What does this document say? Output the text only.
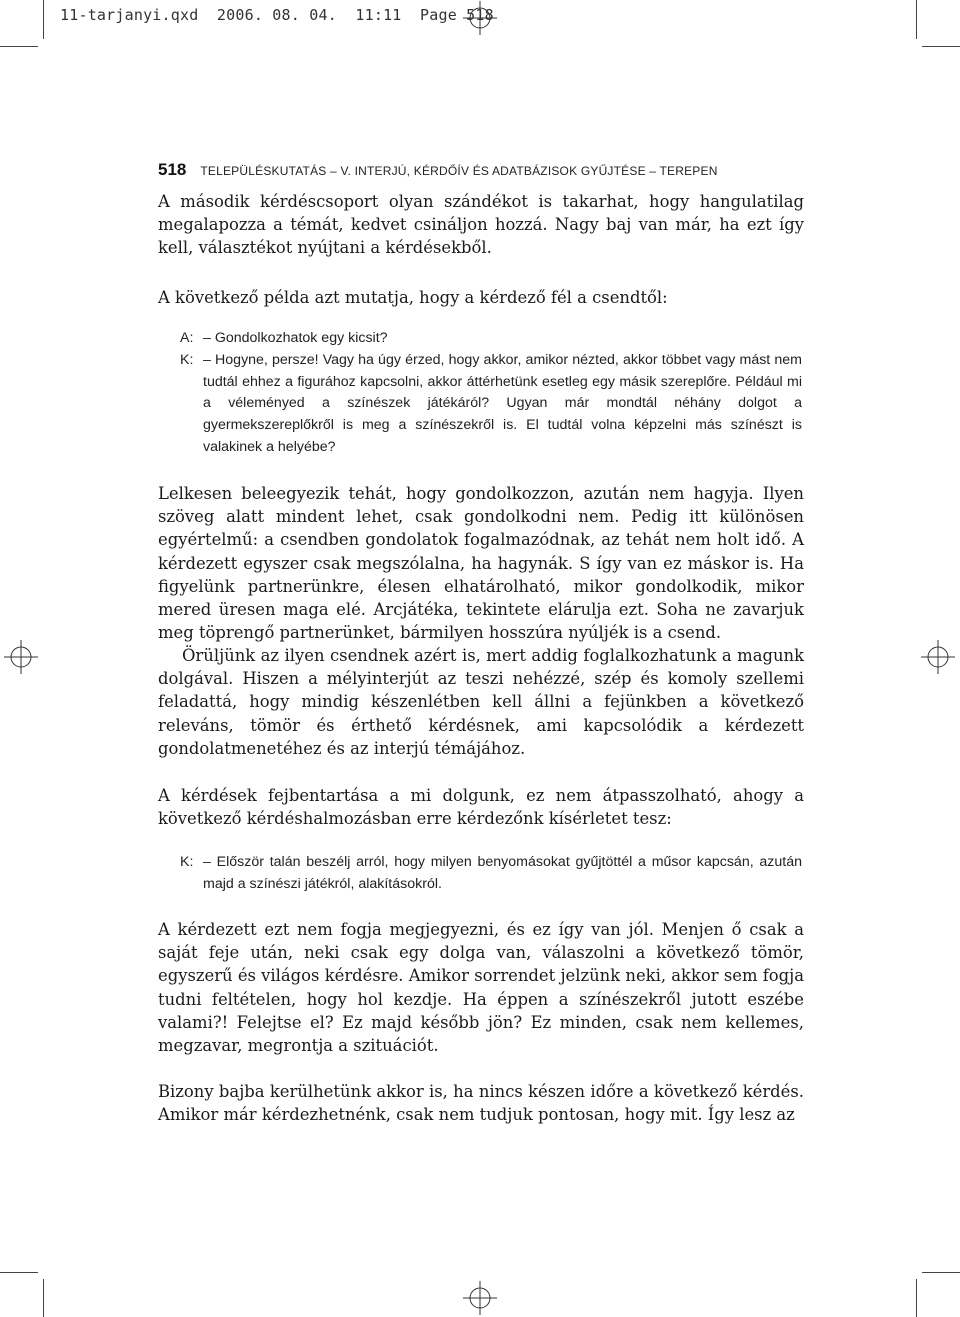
11-tarjanyi.qxd  2006. 08. 04.  11:11  Page 518
518 TELEPÜLÉSKUTATÁS – V. INTERJÚ, KÉRDŐÍV ÉS ADATBÁZISOK GYŰJTÉSE – TEREPEN

A második kérdéscsoport olyan szándékot is takarhat, hogy hangulatilag megalapozza a témát, kedvet csináljon hozzá. Nagy baj van már, ha ezt így kell, választékot nyújtani a kérdésekből.

A következő példa azt mutatja, hogy a kérdező fél a csendtől:

A: – Gondolkozhatok egy kicsit?

K: – Hogyne, persze! Vagy ha úgy érzed, hogy akkor, amikor nézted, akkor többet vagy mást nem tudtál ehhez a figurához kapcsolni, akkor áttérhetünk esetleg egy másik szereplőre. Például mi a véleményed a színészek játékáról? Ugyan már mondtál néhány dolgot a gyermekszereplőkről is meg a színészekről is. El tudtál volna képzelni más színészt is valakinek a helyébe?

Lelkesen beleegyezik tehát, hogy gondolkozzon, azután nem hagyja. Ilyen szöveg alatt mindent lehet, csak gondolkodni nem. Pedig itt különösen egyértelmű: a csendben gondolatok fogalmazódnak, az tehát nem holt idő. A kérdezett egyszer csak megszólalna, ha hagynák. S így van ez máskor is. Ha figyelünk partnerünkre, élesen elhatárolható, mikor gondolkodik, mikor mered üresen maga elé. Arcjátéka, tekintete elárulja ezt. Soha ne zavarjuk meg töprengő partnerünket, bármilyen hosszúra nyúljék is a csend.

Örüljünk az ilyen csendnek azért is, mert addig foglalkozhatunk a magunk dolgával. Hiszen a mélyinterjút az teszi nehézzé, szép és komoly szellemi feladattá, hogy mindig készenlétben kell állni a fejünkben a következő releváns, tömör és érthető kérdésnek, ami kapcsolódik a kérdezett gondolatmenetéhez és az interjú témájához.

A kérdések fejbentartása a mi dolgunk, ez nem átpasszolható, ahogy a következő kérdéshalmozásban erre kérdezőnk kísérletet tesz:

K: – Először talán beszélj arról, hogy milyen benyomásokat gyűjtöttél a műsor kapcsán, azután majd a színészi játékról, alakításokról.

A kérdezett ezt nem fogja megjegyezni, és ez így van jól. Menjen ő csak a saját feje után, neki csak egy dolga van, válaszolni a következő tömör, egyszerű és világos kérdésre. Amikor sorrendet jelzünk neki, akkor sem fogja tudni feltételen, hogy hol kezdje. Ha éppen a színészekről jutott eszébe valami?! Felejtse el? Ez majd később jön? Ez minden, csak nem kellemes, megzavar, megrontja a szituációt.

Bizony bajba kerülhetünk akkor is, ha nincs készen időre a következő kérdés. Amikor már kérdezhetnénk, csak nem tudjuk pontosan, hogy mit. Így lesz az
